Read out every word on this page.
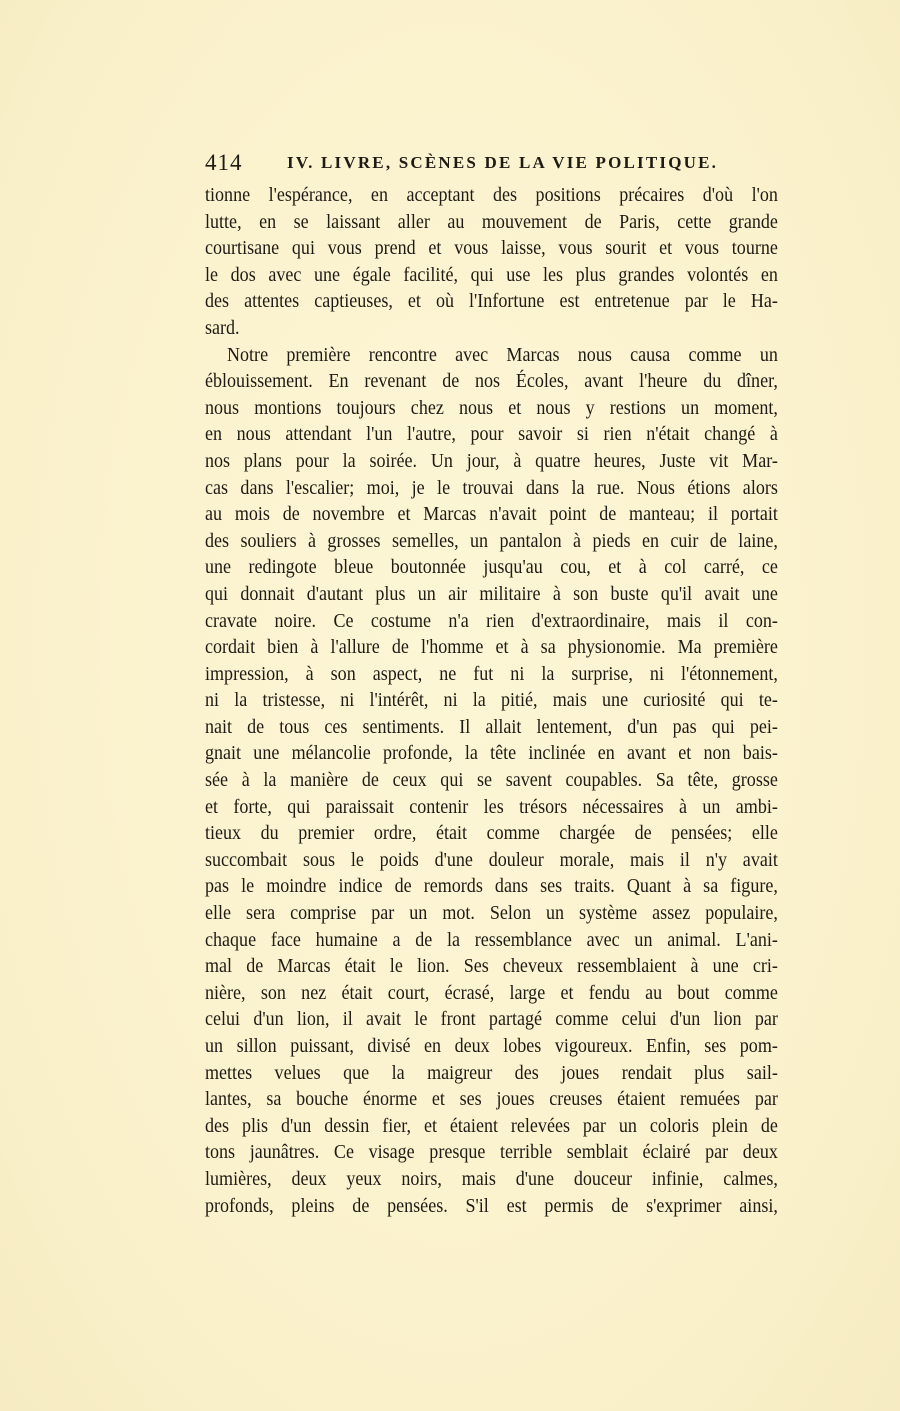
414	IV. LIVRE, SCÈNES DE LA VIE POLITIQUE.
tionne l'espérance, en acceptant des positions précaires d'où l'on
lutte, en se laissant aller au mouvement de Paris, cette grande
courtisane qui vous prend et vous laisse, vous sourit et vous tourne
le dos avec une égale facilité, qui use les plus grandes volontés en
des attentes captieuses, et où l'Infortune est entretenue par le Ha-
sard.
Notre première rencontre avec Marcas nous causa comme un
éblouissement. En revenant de nos Écoles, avant l'heure du dîner,
nous montions toujours chez nous et nous y restions un moment,
en nous attendant l'un l'autre, pour savoir si rien n'était changé à
nos plans pour la soirée. Un jour, à quatre heures, Juste vit Mar-
cas dans l'escalier; moi, je le trouvai dans la rue. Nous étions alors
au mois de novembre et Marcas n'avait point de manteau; il portait
des souliers à grosses semelles, un pantalon à pieds en cuir de laine,
une redingote bleue boutonnée jusqu'au cou, et à col carré, ce
qui donnait d'autant plus un air militaire à son buste qu'il avait une
cravate noire. Ce costume n'a rien d'extraordinaire, mais il con-
cordait bien à l'allure de l'homme et à sa physionomie. Ma première
impression, à son aspect, ne fut ni la surprise, ni l'étonnement,
ni la tristesse, ni l'intérêt, ni la pitié, mais une curiosité qui te-
nait de tous ces sentiments. Il allait lentement, d'un pas qui pei-
gnait une mélancolie profonde, la tête inclinée en avant et non bais-
sée à la manière de ceux qui se savent coupables. Sa tête, grosse
et forte, qui paraissait contenir les trésors nécessaires à un ambi-
tieux du premier ordre, était comme chargée de pensées; elle
succombait sous le poids d'une douleur morale, mais il n'y avait
pas le moindre indice de remords dans ses traits. Quant à sa figure,
elle sera comprise par un mot. Selon un système assez populaire,
chaque face humaine a de la ressemblance avec un animal. L'ani-
mal de Marcas était le lion. Ses cheveux ressemblaient à une cri-
nière, son nez était court, écrasé, large et fendu au bout comme
celui d'un lion, il avait le front partagé comme celui d'un lion par
un sillon puissant, divisé en deux lobes vigoureux. Enfin, ses pom-
mettes velues que la maigreur des joues rendait plus sail-
lantes, sa bouche énorme et ses joues creuses étaient remuées par
des plis d'un dessin fier, et étaient relevées par un coloris plein de
tons jaunâtres. Ce visage presque terrible semblait éclairé par deux
lumières, deux yeux noirs, mais d'une douceur infinie, calmes,
profonds, pleins de pensées. S'il est permis de s'exprimer ainsi,
